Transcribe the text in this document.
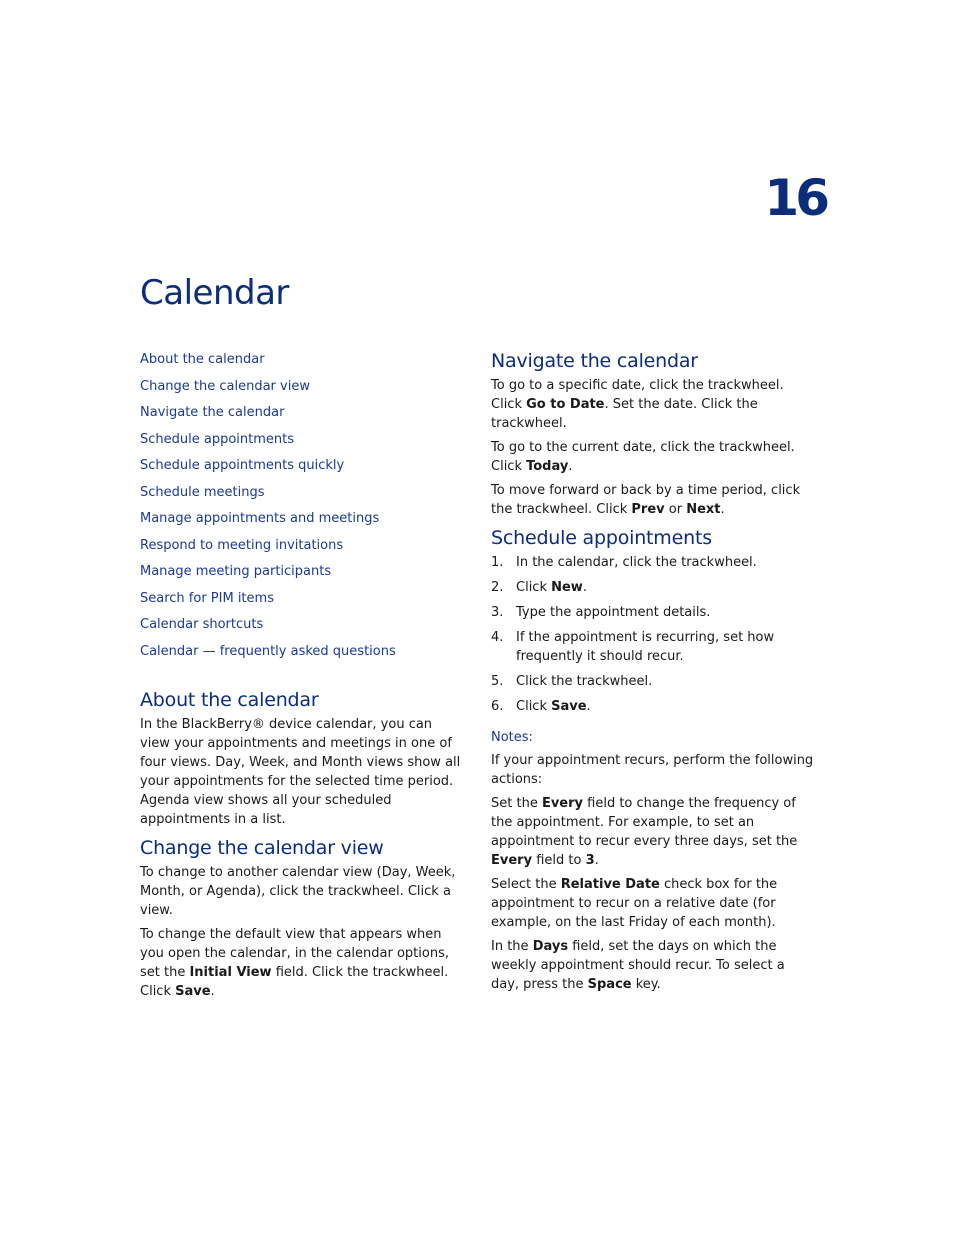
16
Calendar
About the calendar
Change the calendar view
Navigate the calendar
Schedule appointments
Schedule appointments quickly
Schedule meetings
Manage appointments and meetings
Respond to meeting invitations
Manage meeting participants
Search for PIM items
Calendar shortcuts
Calendar — frequently asked questions
About the calendar

In the BlackBerry® device calendar, you can view your appointments and meetings in one of four views. Day, Week, and Month views show all your appointments for the selected time period. Agenda view shows all your scheduled appointments in a list.

Change the calendar view

To change to another calendar view (Day, Week, Month, or Agenda), click the trackwheel. Click a view.

To change the default view that appears when you open the calendar, in the calendar options, set the Initial View field. Click the trackwheel. Click Save.

Navigate the calendar

To go to a specific date, click the trackwheel. Click Go to Date. Set the date. Click the trackwheel.

To go to the current date, click the trackwheel. Click Today.

To move forward or back by a time period, click the trackwheel. Click Prev or Next.

Schedule appointments
1. In the calendar, click the trackwheel.
2. Click New.
3. Type the appointment details.
4. If the appointment is recurring, set how frequently it should recur.
5. Click the trackwheel.
6. Click Save.
Notes:

If your appointment recurs, perform the following actions:

Set the Every field to change the frequency of the appointment. For example, to set an appointment to recur every three days, set the Every field to 3.

Select the Relative Date check box for the appointment to recur on a relative date (for example, on the last Friday of each month).

In the Days field, set the days on which the weekly appointment should recur. To select a day, press the Space key.
